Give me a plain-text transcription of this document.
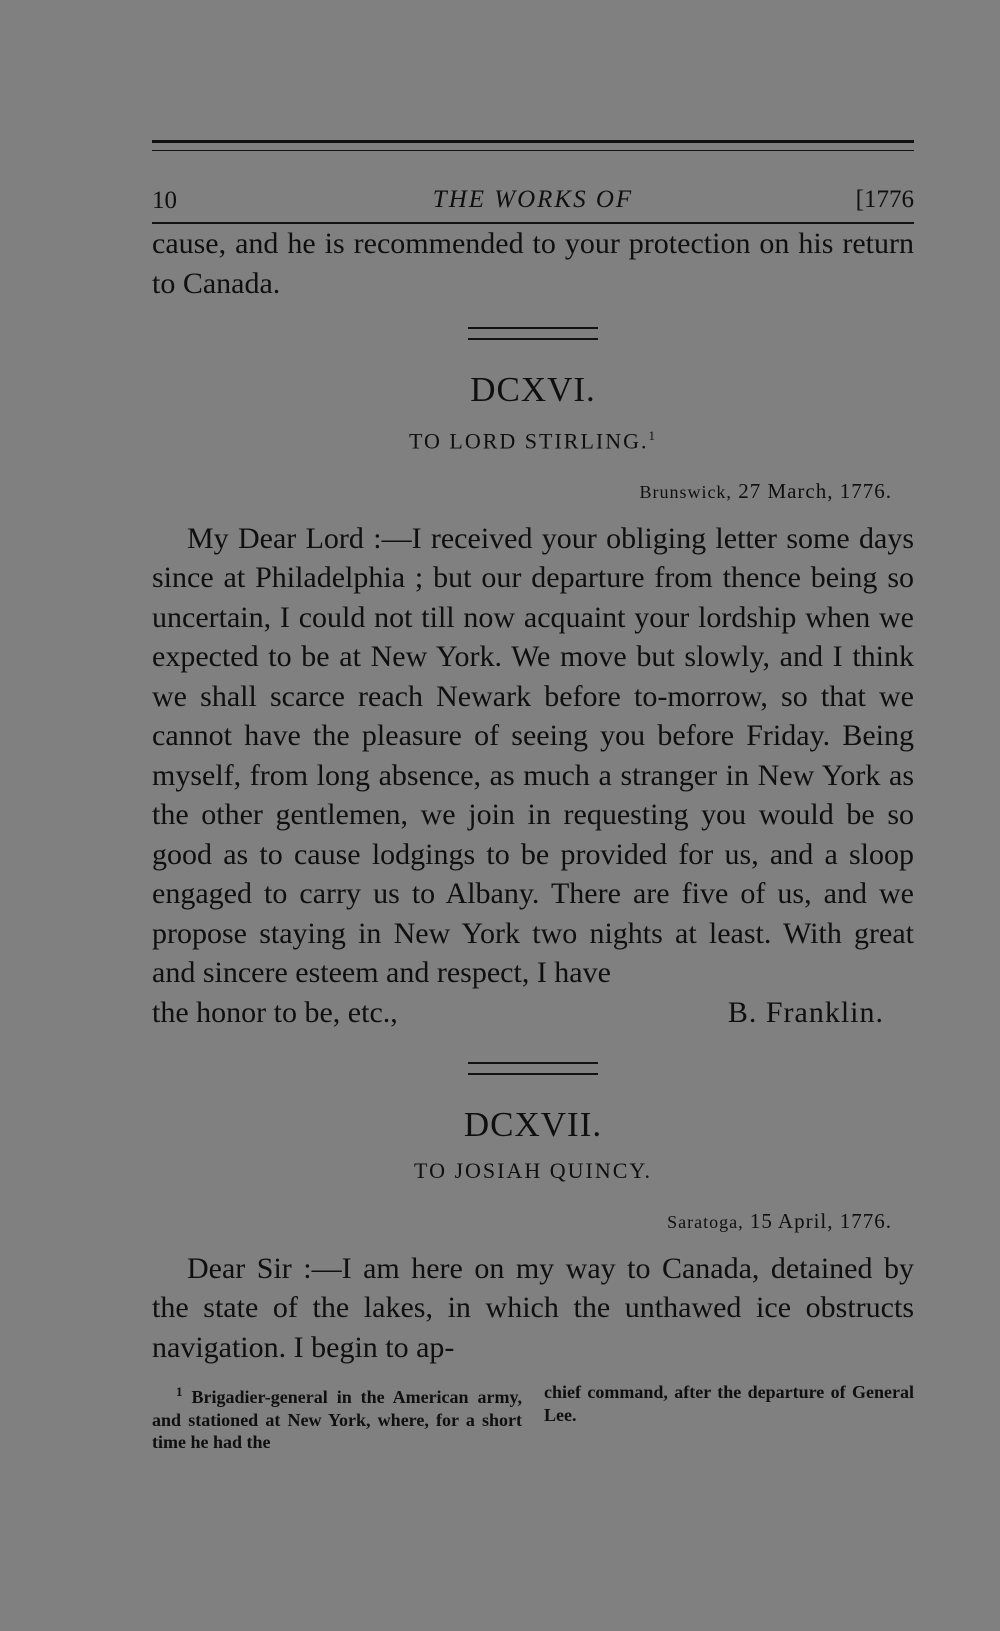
10	THE WORKS OF	[1776

cause, and he is recommended to your protection on his return to Canada.

DCXVI.
TO LORD STIRLING.$^1$
Brunswick, 27 March, 1776.

My Dear Lord :—I received your obliging letter some days since at Philadelphia ; but our departure from thence being so uncertain, I could not till now acquaint your lordship when we expected to be at New York. We move but slowly, and I think we shall scarce reach Newark before to-morrow, so that we cannot have the pleasure of seeing you before Friday. Being myself, from long absence, as much a stranger in New York as the other gentlemen, we join in requesting you would be so good as to cause lodgings to be provided for us, and a sloop engaged to carry us to Albany. There are five of us, and we propose staying in New York two nights at least. With great and sincere esteem and respect, I have

the honor to be, etc.,	B. Franklin.
DCXVII.
TO JOSIAH QUINCY.
Saratoga, 15 April, 1776.

Dear Sir :—I am here on my way to Canada, detained by the state of the lakes, in which the unthawed ice obstructs navigation. I begin to ap-

$^1$ Brigadier-general in the American army, and stationed at New York, where, for a short time he had the
chief command, after the departure of General Lee.
